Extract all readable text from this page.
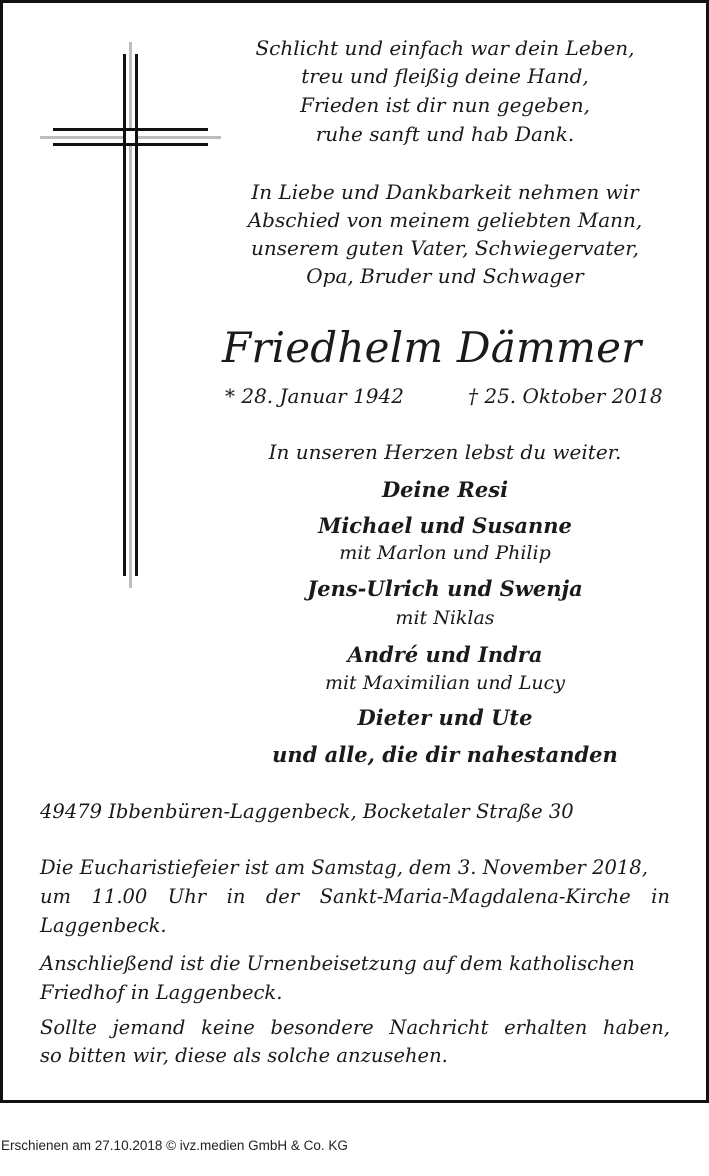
Schlicht und einfach war dein Leben,

treu und fleißig deine Hand,

Frieden ist dir nun gegeben,

ruhe sanft und hab Dank.

In Liebe und Dankbarkeit nehmen wir

Abschied von meinem geliebten Mann,

unserem guten Vater, Schwiegervater,

Opa, Bruder und Schwager

Friedhelm Dämmer

* 28. Januar 1942	† 25. Oktober 2018

In unseren Herzen lebst du weiter.

Deine Resi

Michael und Susanne

mit Marlon und Philip

Jens-Ulrich und Swenja

mit Niklas

André und Indra

mit Maximilian und Lucy

Dieter und Ute

und alle, die dir nahestanden

49479 Ibbenbüren-Laggenbeck, Bocketaler Straße 30

Die Eucharistiefeier ist am Samstag, dem 3. November 2018,

um 11.00 Uhr in der Sankt-Maria-Magdalena-Kirche in

Laggenbeck.

Anschließend ist die Urnenbeisetzung auf dem katholischen

Friedhof in Laggenbeck.

Sollte jemand keine besondere Nachricht erhalten haben,

so bitten wir, diese als solche anzusehen.

Erschienen am 27.10.2018 © ivz.medien GmbH & Co. KG
